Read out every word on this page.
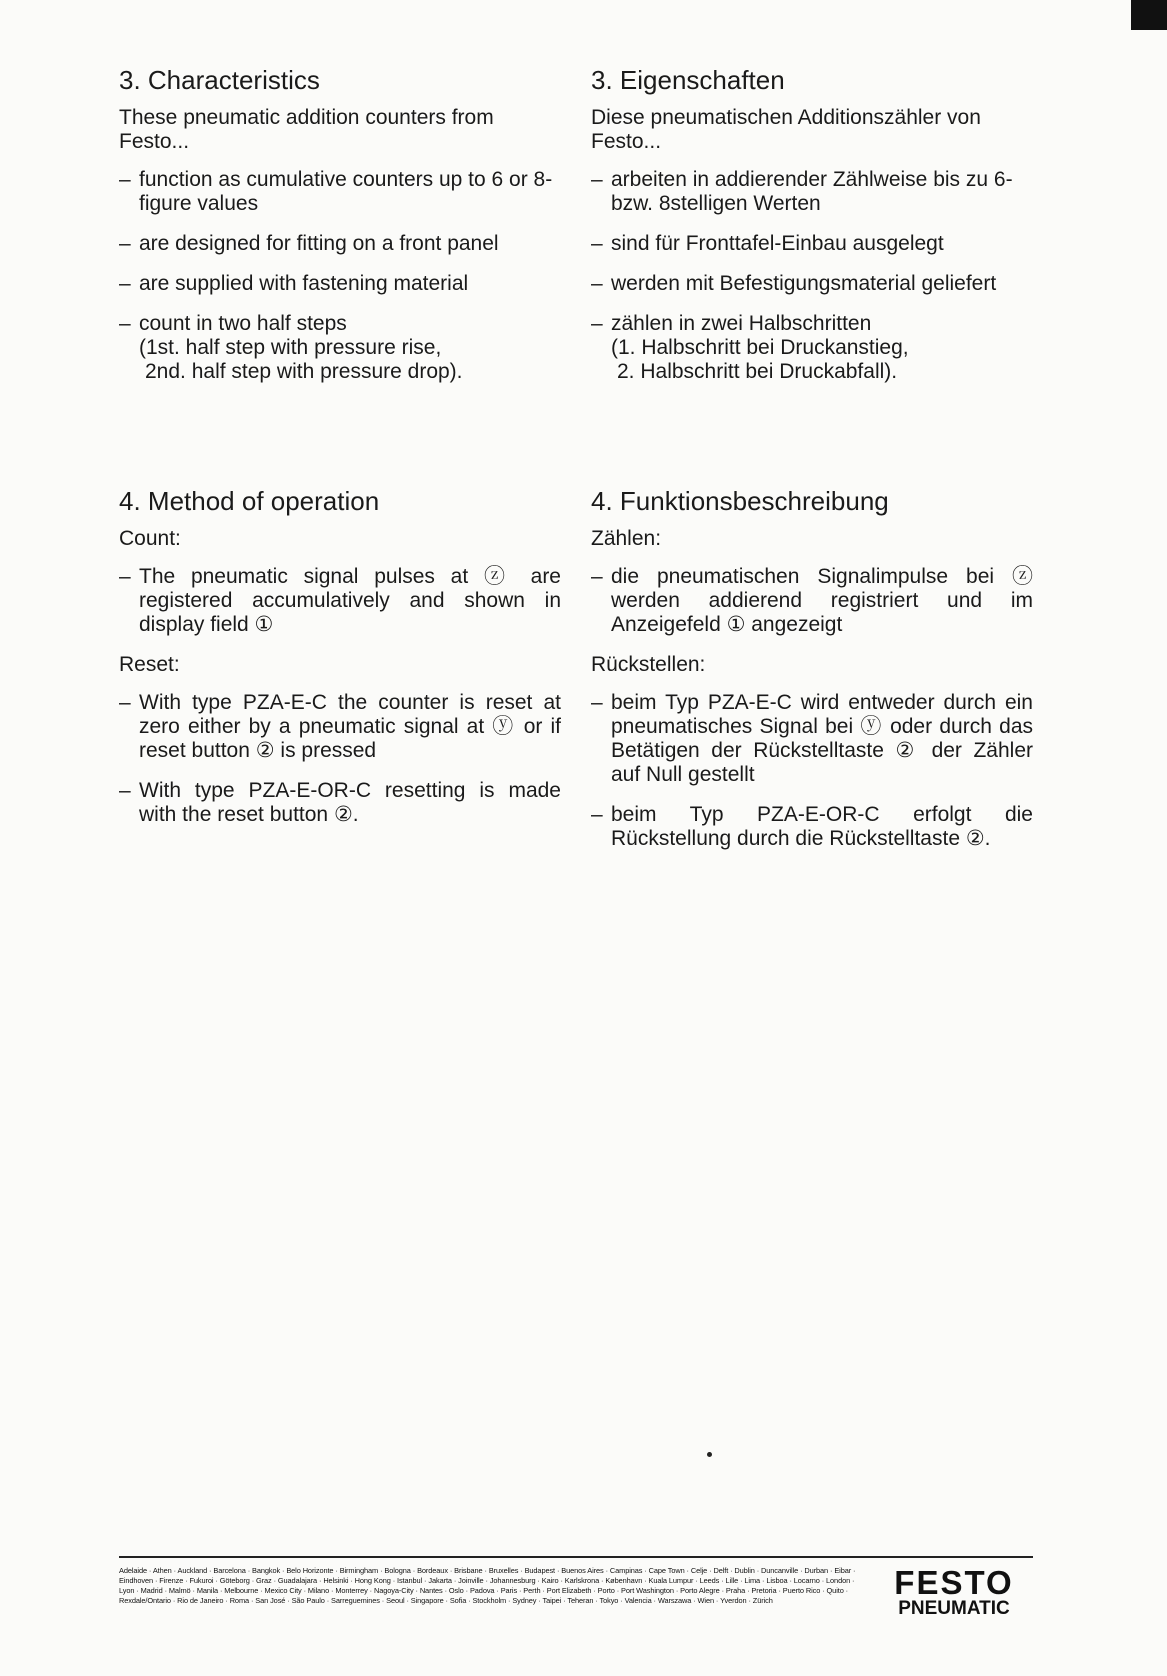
3. Characteristics

These pneumatic addition counters from Festo...

– function as cumulative counters up to 6 or 8-figure values
– are designed for fitting on a front panel
– are supplied with fastening material
– count in two half steps
(1st. half step with pressure rise,
2nd. half step with pressure drop).
4. Method of operation

Count:

– The pneumatic signal pulses at ⓩ are registered accumulatively and shown in display field ①

Reset:

– With type PZA-E-C the counter is reset at zero either by a pneumatic signal at ⓨ or if reset button ② is pressed
– With type PZA-E-OR-C resetting is made with the reset button ②.
3. Eigenschaften

Diese pneumatischen Additionszähler von Festo...

– arbeiten in addierender Zählweise bis zu 6- bzw. 8stelligen Werten
– sind für Fronttafel-Einbau ausgelegt
– werden mit Befestigungsmaterial geliefert
– zählen in zwei Halbschritten
(1. Halbschritt bei Druckanstieg,
2. Halbschritt bei Druckabfall).
4. Funktionsbeschreibung

Zählen:

– die pneumatischen Signalimpulse bei ⓩ werden addierend registriert und im Anzeigefeld ① angezeigt

Rückstellen:

– beim Typ PZA-E-C wird entweder durch ein pneumatisches Signal bei ⓨ oder durch das Betätigen der Rückstelltaste ② der Zähler auf Null gestellt
– beim Typ PZA-E-OR-C erfolgt die Rückstellung durch die Rückstelltaste ②.
Adelaide · Athen · Auckland · Barcelona · Bangkok · Belo Horizonte · Birmingham · Bologna · Bordeaux · Brisbane · Bruxelles · Budapest · Buenos Aires · Campinas · Cape Town · Celje · Delft · Dublin · Duncanville · Durban · Eibar · Eindhoven · Firenze · Fukuroi · Göteborg · Graz · Guadalajara · Helsinki · Hong Kong · Istanbul · Jakarta · Joinville · Johannesburg · Kairo · Karlskrona · København · Kuala Lumpur · Leeds · Lille · Lima · Lisboa · Locarno · London · Lyon · Madrid · Malmö · Manila · Melbourne · Mexico City · Milano · Monterrey · Nagoya-City · Nantes · Oslo · Padova · Paris · Perth · Port Elizabeth · Porto · Port Washington · Porto Alegre · Praha · Pretoria · Puerto Rico · Quito · Rexdale/Ontario · Rio de Janeiro · Roma · San José · São Paulo · Sarreguemines · Seoul · Singapore · Sofia · Stockholm · Sydney · Taipei · Teheran · Tokyo · Valencia · Warszawa · Wien · Yverdon · Zürich	FESTO
PNEUMATIC
